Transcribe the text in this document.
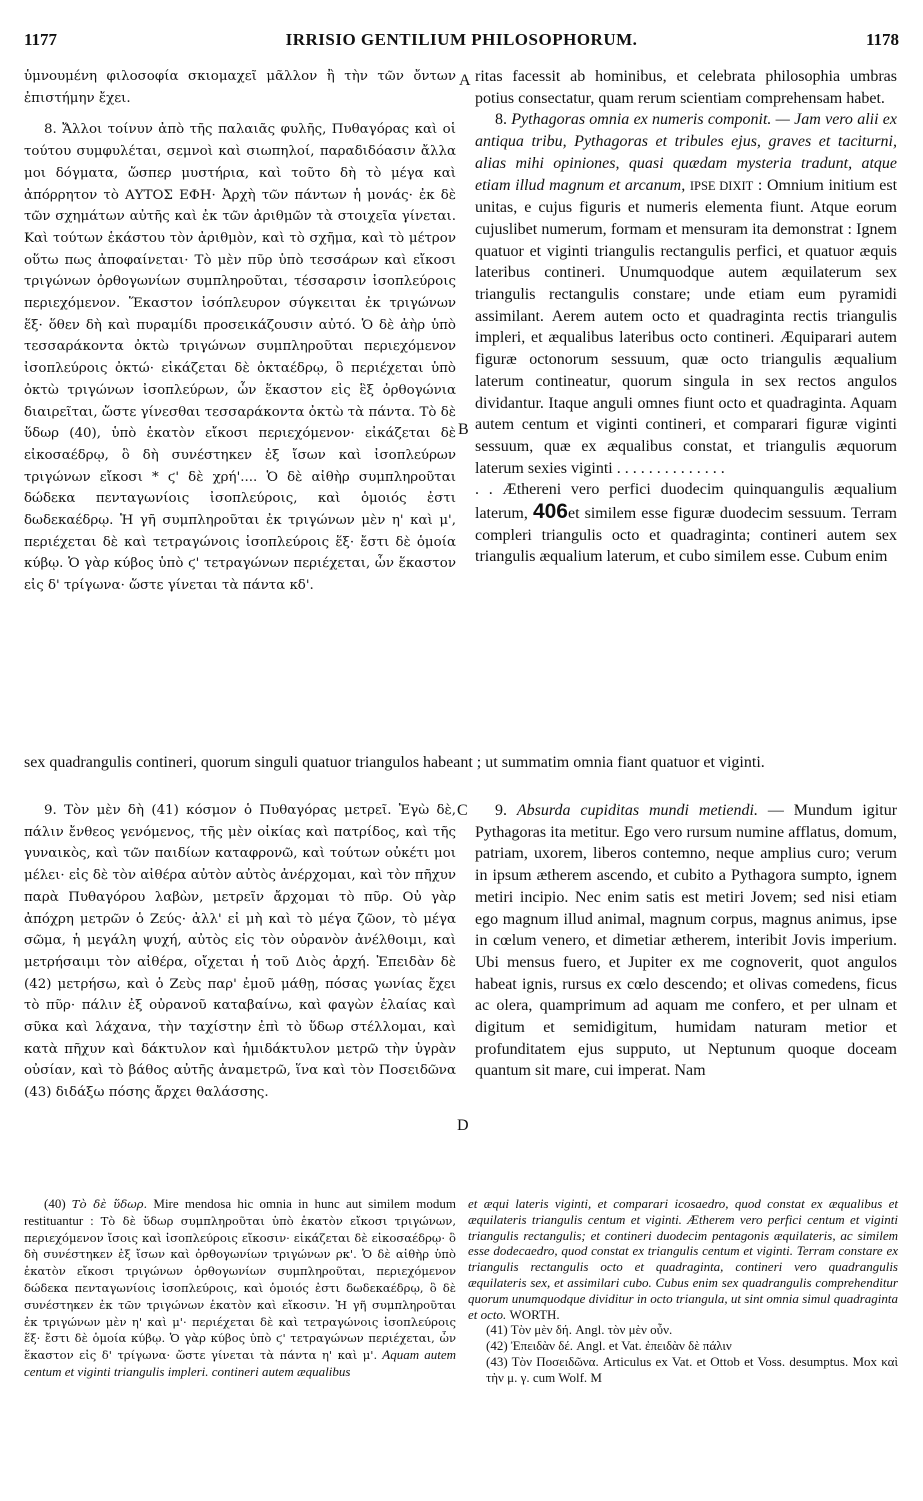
1177	IRRISIO GENTILIUM PHILOSOPHORUM.	1178

ὑμνουμένη φιλοσοφία σκιομαχεῖ μᾶλλον ἢ τὴν τῶν ὄντων ἐπιστήμην ἔχει.

8. Ἄλλοι τοίνυν ἀπὸ τῆς παλαιᾶς φυλῆς, Πυθαγόρας καὶ οἱ τούτου συμφυλέται, σεμνοὶ καὶ σιωπηλοί, παραδιδόασιν ἄλλα μοι δόγματα, ὥσπερ μυστήρια, καὶ τοῦτο δὴ τὸ μέγα καὶ ἀπόρρητον τὸ ΑΥΤΟΣ ΕΦΗ· Ἀρχὴ τῶν πάντων ἡ μονάς· ἐκ δὲ τῶν σχημάτων αὐτῆς καὶ ἐκ τῶν ἀριθμῶν τὰ στοιχεῖα γίνεται. Καὶ τούτων ἑκάστου τὸν ἀριθμὸν, καὶ τὸ σχῆμα, καὶ τὸ μέτρον οὕτω πως ἀποφαίνεται· Τὸ μὲν πῦρ ὑπὸ τεσσάρων καὶ εἴκοσι τριγώνων ὀρθογωνίων συμπληροῦται, τέσσαρσιν ἰσοπλεύροις περιεχόμενον. Ἕκαστον ἰσόπλευρον σύγκειται ἐκ τριγώνων ἕξ· ὅθεν δὴ καὶ πυραμίδι προσεικάζουσιν αὐτό. Ὁ δὲ ἀὴρ ὑπὸ τεσσαράκοντα ὀκτὼ τριγώνων συμπληροῦται περιεχόμενον ἰσοπλεύροις ὀκτώ· εἰκάζεται δὲ ὀκταέδρῳ, ὃ περιέχεται ὑπὸ ὀκτὼ τριγώνων ἰσοπλεύρων, ὧν ἕκαστον εἰς ἓξ ὀρθογώνια διαιρεῖται, ὥστε γίνεσθαι τεσσαράκοντα ὀκτὼ τὰ πάντα. Τὸ δὲ ὕδωρ (40), ὑπὸ ἑκατὸν εἴκοσι περιεχόμενον· εἰκάζεται δὲ εἰκοσαέδρῳ, ὃ δὴ συνέστηκεν ἐξ ἴσων καὶ ἰσοπλεύρων τριγώνων εἴκοσι * ϛ' δὲ χρή'.... Ὁ δὲ αἰθὴρ συμπληροῦται δώδεκα πενταγωνίοις ἰσοπλεύροις, καὶ ὁμοιός ἐστι δωδεκαέδρῳ. Ἡ γῆ συμπληροῦται ἐκ τριγώνων μὲν η' καὶ μ', περιέχεται δὲ καὶ τετραγώνοις ἰσοπλεύροις ἕξ· ἔστι δὲ ὁμοία κύβῳ. Ὁ γὰρ κύβος ὑπὸ ϛ' τετραγώνων περιέχεται, ὧν ἕκαστον εἰς δ' τρίγωνα· ὥστε γίνεται τὰ πάντα κδ'.

ritas facessit ab hominibus, et celebrata philosophia umbras potius consectatur, quam rerum scientiam comprehensam habet.

8. Pythagoras omnia ex numeris componit. — Jam vero alii ex antiqua tribu, Pythagoras et tribules ejus, graves et taciturni, alias mihi opiniones, quasi quædam mysteria tradunt, atque etiam illud magnum et arcanum, IPSE DIXIT : Omnium initium est unitas, e cujus figuris et numeris elementa fiunt. Atque eorum cujuslibet numerum, formam et mensuram ita demonstrat : Ignem quatuor et viginti triangulis rectangulis perfici, et quatuor æquis lateribus contineri. Unumquodque autem æquilaterum sex triangulis rectangulis constare; unde etiam eum pyramidi assimilant. Aerem autem octo et quadraginta rectis triangulis impleri, et æqualibus lateribus octo contineri. Æquiparari autem figuræ octonorum sessuum, quæ octo triangulis æqualium laterum contineatur, quorum singula in sex rectos angulos dividantur. Itaque anguli omnes fiunt octo et quadraginta. Aquam autem centum et viginti contineri, et comparari figuræ viginti sessuum, quæ ex æqualibus constat, et triangulis æquorum laterum sexies viginti . . . . . . . . . . . . . .

. . Æthereni vero perfici duodecim quinquangulis æqualium laterum, 406et similem esse figuræ duodecim sessuum. Terram compleri triangulis octo et quadraginta; contineri autem sex triangulis æqualium laterum, et cubo similem esse. Cubum enim

sex quadrangulis contineri, quorum singuli quatuor triangulos habeant ; ut summatim omnia fiant quatuor et viginti.
A
B
C
D

9. Τὸν μὲν δὴ (41) κόσμον ὁ Πυθαγόρας μετρεῖ. Ἐγὼ δὲ, πάλιν ἔνθεος γενόμενος, τῆς μὲν οἰκίας καὶ πατρίδος, καὶ τῆς γυναικὸς, καὶ τῶν παιδίων καταφρονῶ, καὶ τούτων οὐκέτι μοι μέλει· εἰς δὲ τὸν αἰθέρα αὐτὸν αὐτὸς ἀνέρχομαι, καὶ τὸν πῆχυν παρὰ Πυθαγόρου λαβὼν, μετρεῖν ἄρχομαι τὸ πῦρ. Οὐ γὰρ ἀπόχρη μετρῶν ὁ Ζεύς· ἀλλ' εἰ μὴ καὶ τὸ μέγα ζῶον, τὸ μέγα σῶμα, ἡ μεγάλη ψυχή, αὐτὸς εἰς τὸν οὐρανὸν ἀνέλθοιμι, καὶ μετρήσαιμι τὸν αἰθέρα, οἴχεται ἡ τοῦ Διὸς ἀρχή. Ἐπειδὰν δὲ (42) μετρήσω, καὶ ὁ Ζεὺς παρ' ἐμοῦ μάθῃ, πόσας γωνίας ἔχει τὸ πῦρ· πάλιν ἐξ οὐρανοῦ καταβαίνω, καὶ φαγὼν ἐλαίας καὶ σῦκα καὶ λάχανα, τὴν ταχίστην ἐπὶ τὸ ὕδωρ στέλλομαι, καὶ κατὰ πῆχυν καὶ δάκτυλον καὶ ἡμιδάκτυλον μετρῶ τὴν ὑγρὰν οὐσίαν, καὶ τὸ βάθος αὐτῆς ἀναμετρῶ, ἵνα καὶ τὸν Ποσειδῶνα (43) διδάξω πόσης ἄρχει θαλάσσης.

9. Absurda cupiditas mundi metiendi. — Mundum igitur Pythagoras ita metitur. Ego vero rursum numine afflatus, domum, patriam, uxorem, liberos contemno, neque amplius curo; verum in ipsum ætherem ascendo, et cubito a Pythagora sumpto, ignem metiri incipio. Nec enim satis est metiri Jovem; sed nisi etiam ego magnum illud animal, magnum corpus, magnus animus, ipse in cœlum venero, et dimetiar ætherem, interibit Jovis imperium. Ubi mensus fuero, et Jupiter ex me cognoverit, quot angulos habeat ignis, rursus ex cœlo descendo; et olivas comedens, ficus ac olera, quamprimum ad aquam me confero, et per ulnam et digitum et semidigitum, humidam naturam metior et profunditatem ejus supputo, ut Neptunum quoque doceam quantum sit mare, cui imperat. Nam

(40) Τὸ δὲ ὕδωρ. Mire mendosa hic omnia in hunc aut similem modum restituantur : Τὸ δὲ ὕδωρ συμπληροῦται ὑπὸ ἑκατὸν εἴκοσι τριγώνων, περιεχόμενον ἴσοις καὶ ἰσοπλεύροις εἴκοσιν· εἰκάζεται δὲ εἰκοσαέδρῳ· ὃ δὴ συνέστηκεν ἐξ ἴσων καὶ ὀρθογωνίων τριγώνων ρκ'. Ὁ δὲ αἰθὴρ ὑπὸ ἑκατὸν εἴκοσι τριγώνων ὀρθογωνίων συμπληροῦται, περιεχόμενον δώδεκα πενταγωνίοις ἰσοπλεύροις, καὶ ὁμοιός ἐστι δωδεκαέδρῳ, ὃ δὲ συνέστηκεν ἐκ τῶν τριγώνων ἑκατὸν καὶ εἴκοσιν. Ἡ γῆ συμπληροῦται ἐκ τριγώνων μὲν η' καὶ μ'· περιέχεται δὲ καὶ τετραγώνοις ἰσοπλεύροις ἕξ· ἔστι δὲ ὁμοία κύβῳ. Ὁ γὰρ κύβος ὑπὸ ϛ' τετραγώνων περιέχεται, ὧν ἕκαστον εἰς δ' τρίγωνα· ὥστε γίνεται τὰ πάντα η' καὶ μ'. Aquam autem centum et viginti triangulis impleri. contineri autem æqualibus

et æqui lateris viginti, et comparari icosaedro, quod constat ex æqualibus et æquilateris triangulis centum et viginti. Ætherem vero perfici centum et viginti triangulis rectangulis; et contineri duodecim pentagonis æquilateris, ac similem esse dodecaedro, quod constat ex triangulis centum et viginti. Terram constare ex triangulis rectangulis octo et quadraginta, contineri vero quadrangulis æquilateris sex, et assimilari cubo. Cubus enim sex quadrangulis comprehenditur quorum unumquodque dividitur in octo triangula, ut sint omnia simul quadraginta et octo. WORTH.

(41) Τὸν μὲν δή. Angl. τὸν μὲν οὖν.

(42) Ἐπειδὰν δέ. Angl. et Vat. ἐπειδὰν δὲ πάλιν

(43) Τὸν Ποσειδῶνα. Articulus ex Vat. et Ottob et Voss. desumptus. Mox καὶ τὴν μ. γ. cum Wolf. M
